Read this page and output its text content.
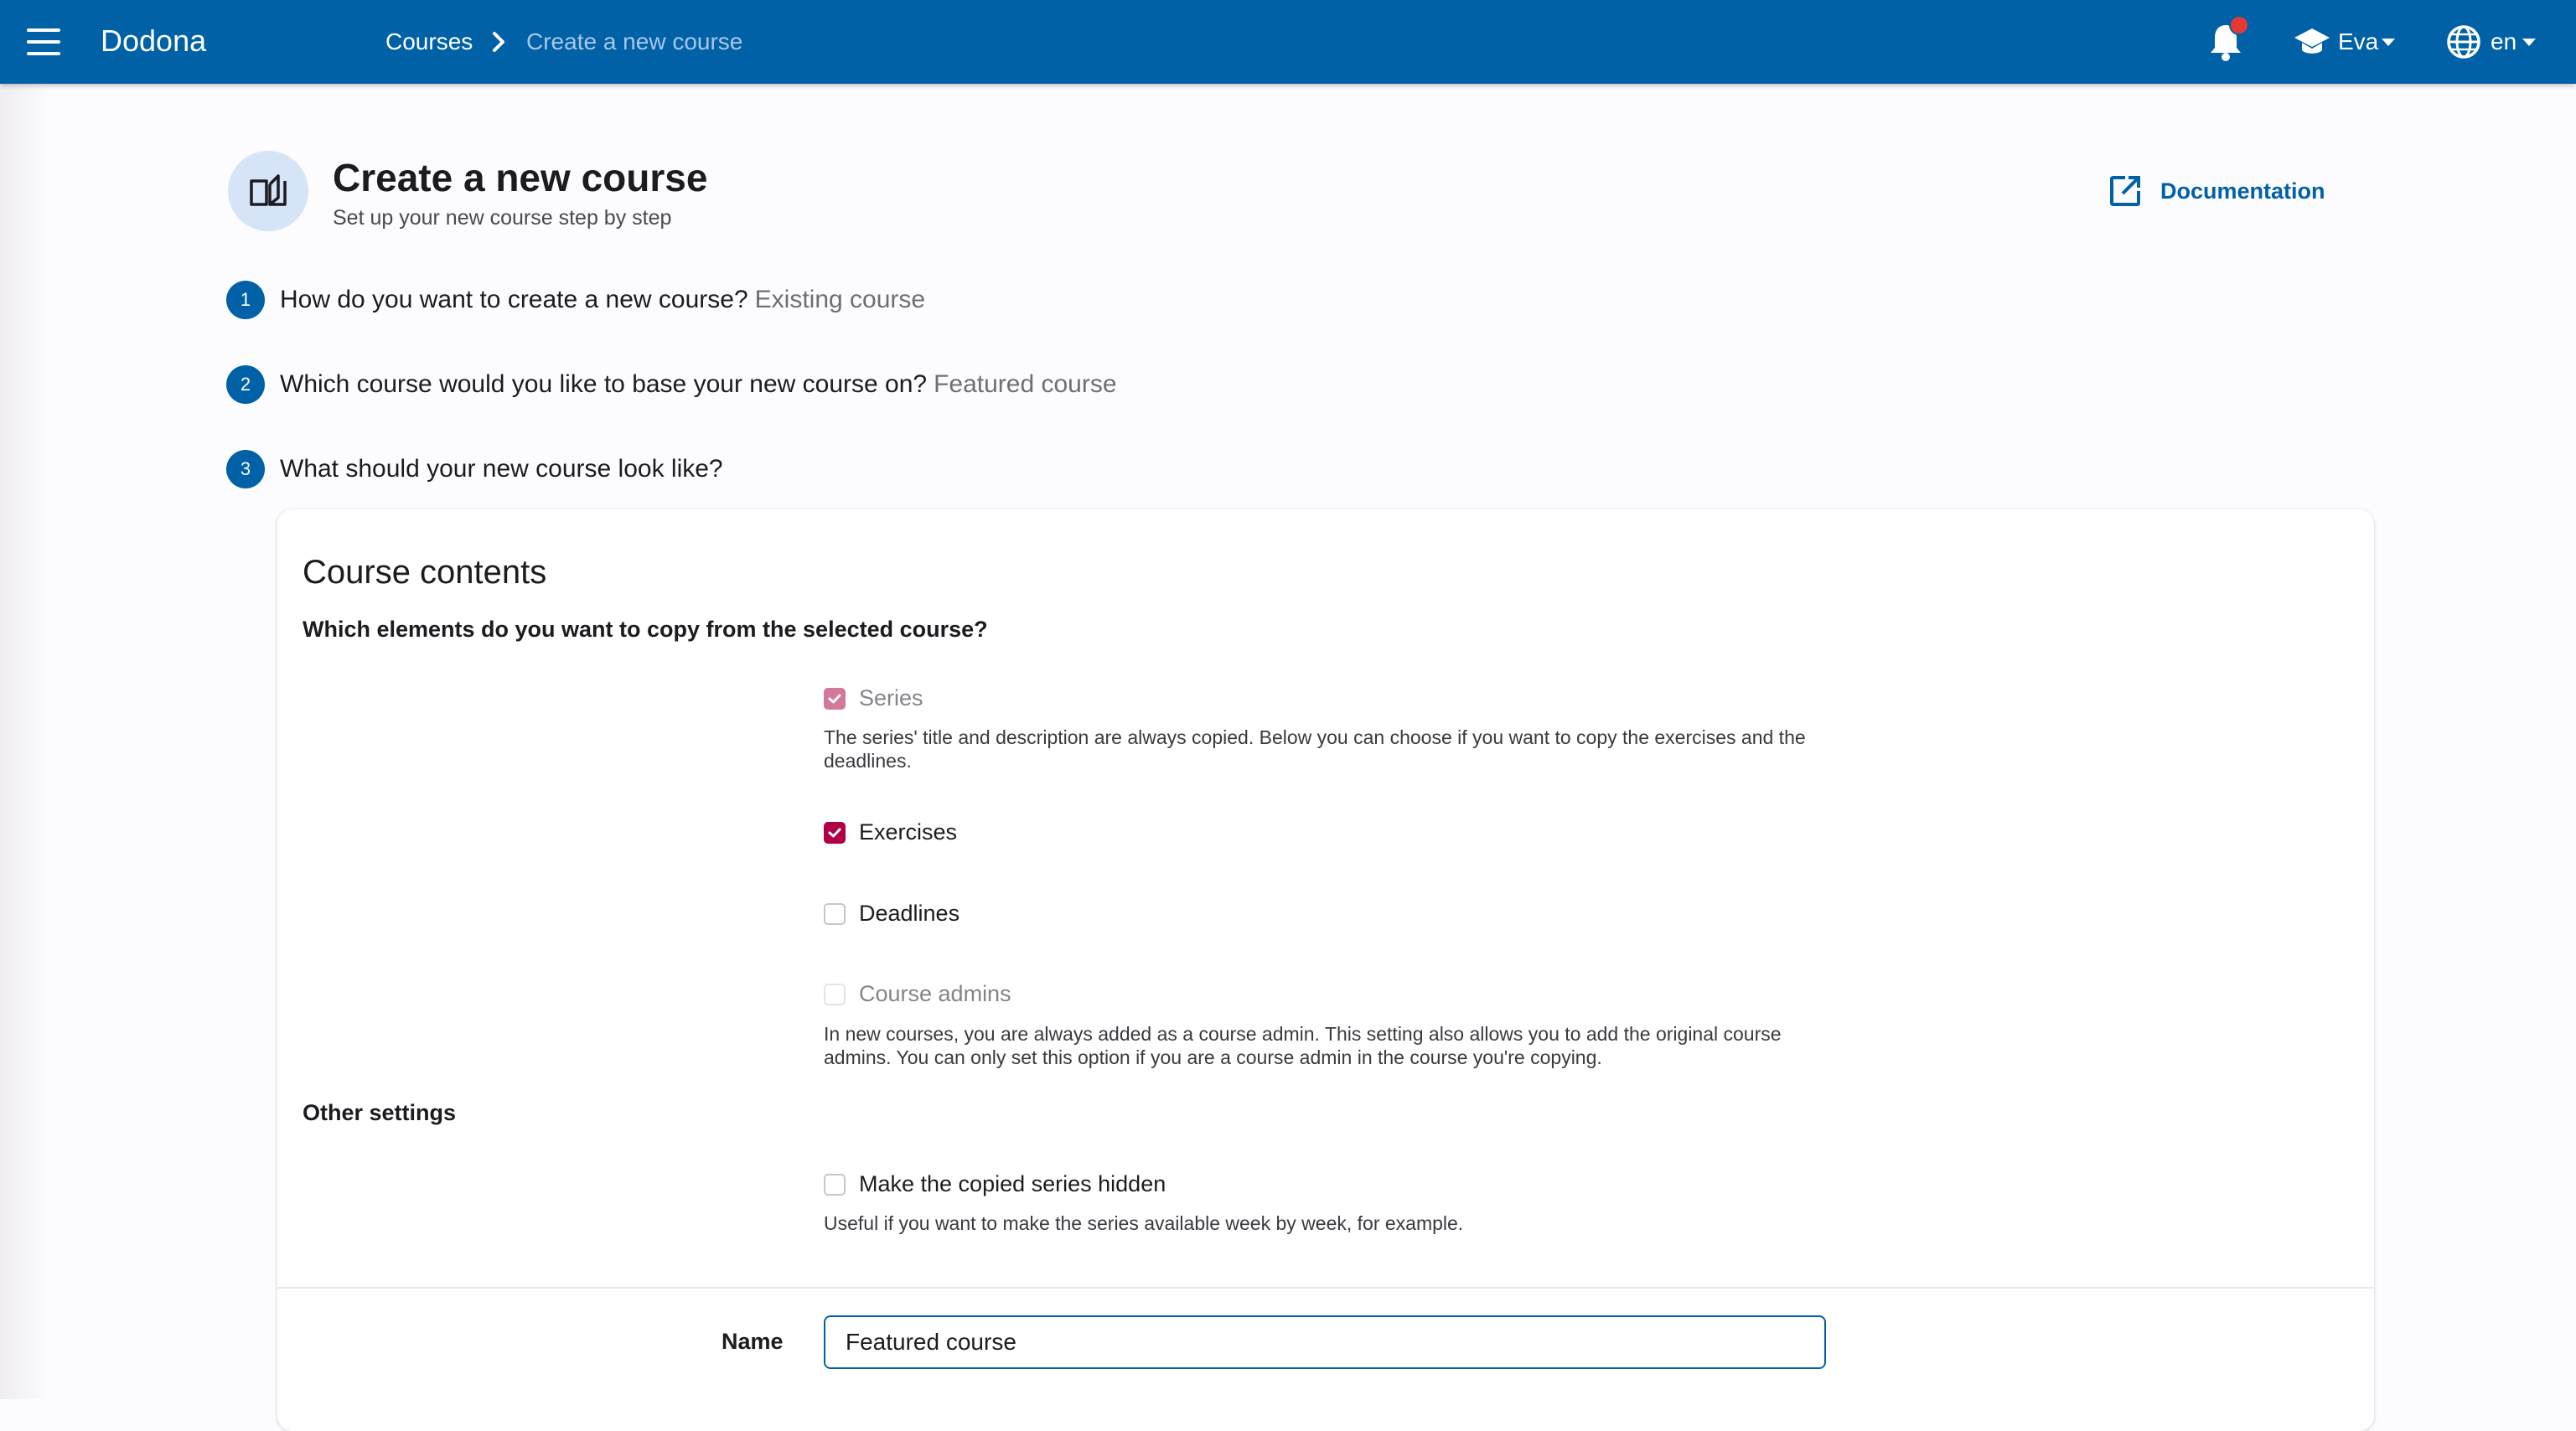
Dodona	Courses Create a new course	Eva	en
Create a new course
Set up your new course step by step
Documentation
1	How do you want to create a new course? Existing course
2	Which course would you like to base your new course on? Featured course
3	What should your new course look like?
Course contents
Which elements do you want to copy from the selected course?
Series
The series' title and description are always copied. Below you can choose if you want to copy the exercises and the deadlines.
Exercises
Deadlines
Course admins
In new courses, you are always added as a course admin. This setting also allows you to add the original course admins. You can only set this option if you are a course admin in the course you're copying.
Other settings
Make the copied series hidden
Useful if you want to make the series available week by week, for example.
Name
Featured course
